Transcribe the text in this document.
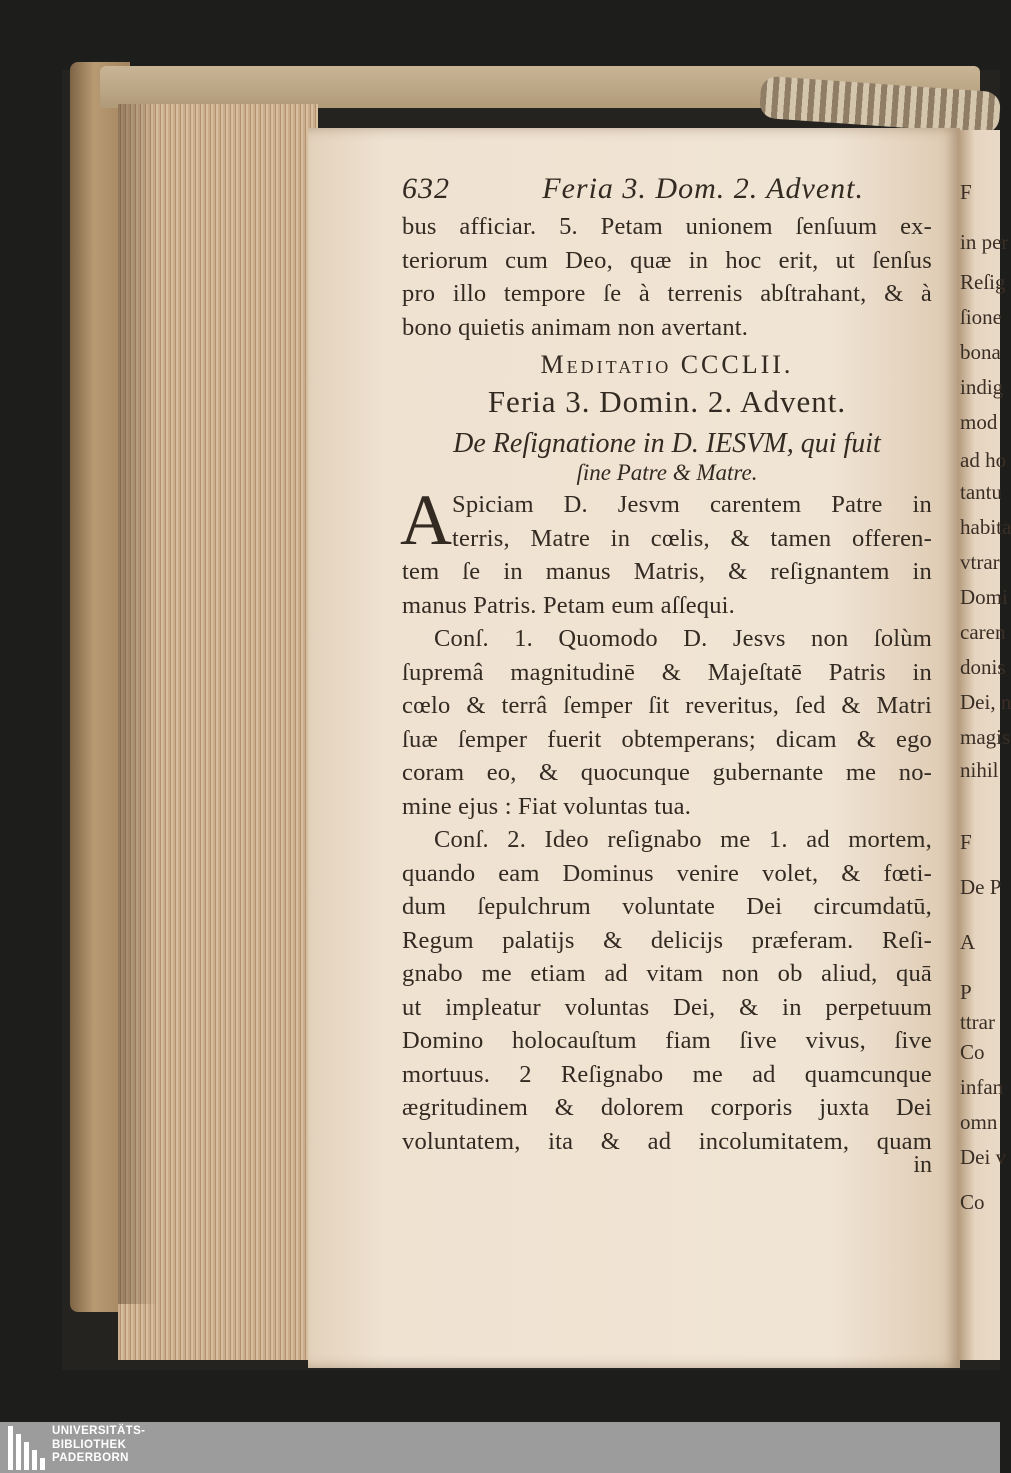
F
in per
Reſig
ſione
bona
indig
mod
ad ho
tantu
habita
vtrar
Domi
caren
donis
Dei, n
magis
nihil
F
De P
A
P
ttrar
Co
infan
omn
Dei v
Co
632	Feria 3. Dom. 2. Advent.
bus afficiar. 5. Petam unionem ſenſuum ex-
teriorum cum Deo, quæ in hoc erit, ut ſenſus
pro illo tempore ſe à terrenis abſtrahant, & à
bono quietis animam non avertant.
Meditatio CCCLII.
Feria 3. Domin. 2. Advent.
De Reſignatione in D. IESVM, qui fuit
ſine Patre & Matre.
A Spiciam D. Jesvm carentem Patre in
terris, Matre in cœlis, & tamen offeren-
tem ſe in manus Matris, & reſignantem in
manus Patris. Petam eum aſſequi.
Conſ. 1. Quomodo D. Jesvs non ſolùm
ſupremâ magnitudinē & Majeſtatē Patris in
cœlo & terrâ ſemper ſit reveritus, ſed & Matri
ſuæ ſemper fuerit obtemperans; dicam & ego
coram eo, & quocunque gubernante me no-
mine ejus : Fiat voluntas tua.
Conſ. 2. Ideo reſignabo me 1. ad mortem,
quando eam Dominus venire volet, & fœti-
dum ſepulchrum voluntate Dei circumdatū,
Regum palatijs & delicijs præferam. Reſi-
gnabo me etiam ad vitam non ob aliud, quā
ut impleatur voluntas Dei, & in perpetuum
Domino holocauſtum fiam ſive vivus, ſive
mortuus. 2 Reſignabo me ad quamcunque
ægritudinem & dolorem corporis juxta Dei
voluntatem, ita & ad incolumitatem, quam
in
UNIVERSITÄTS-
BIBLIOTHEK
PADERBORN
